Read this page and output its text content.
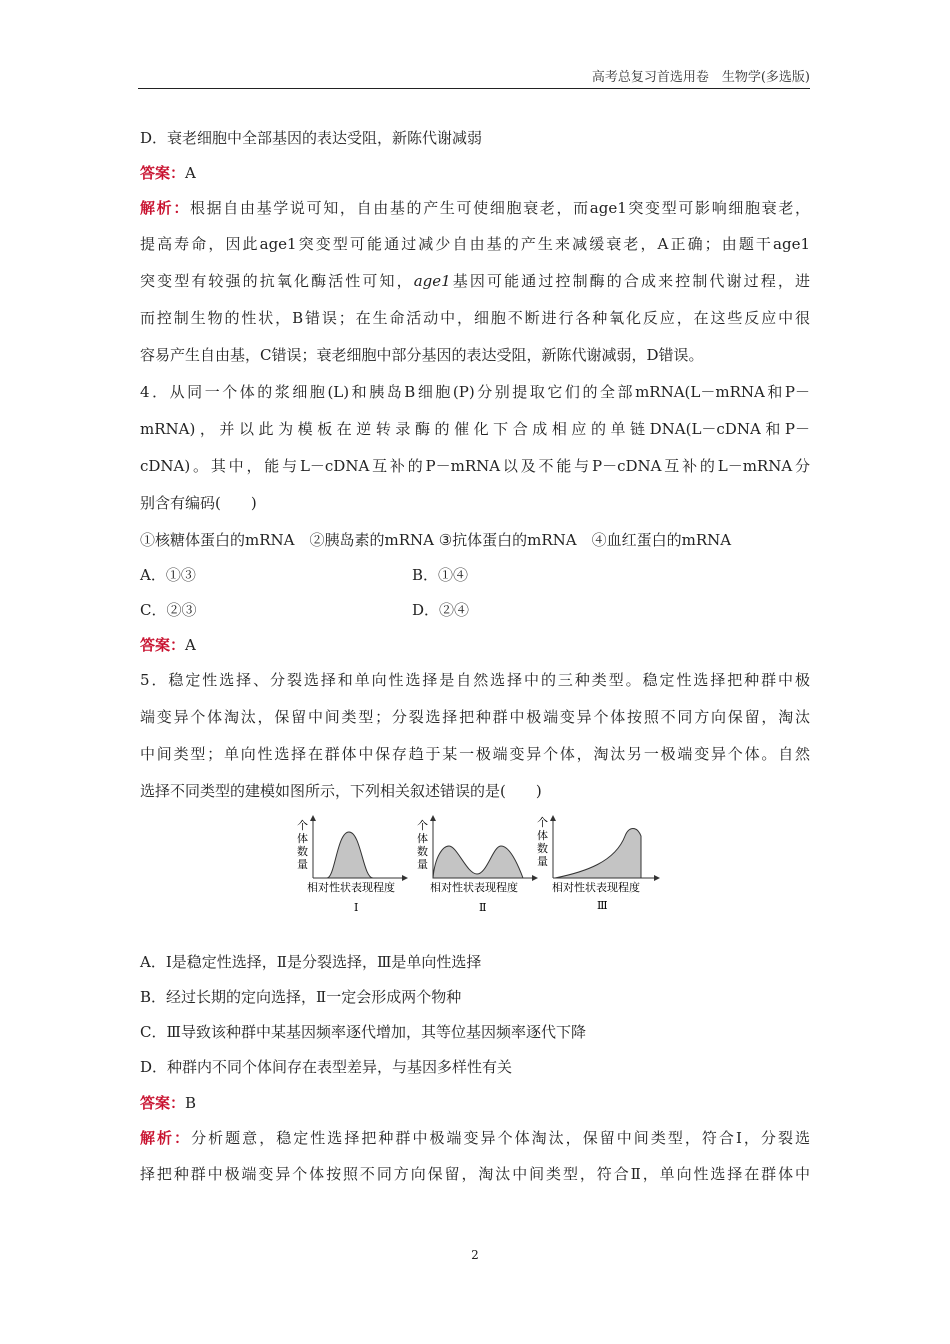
高考总复习首选用卷　生物学(多选版)
D．衰老细胞中全部基因的表达受阻，新陈代谢减弱
答案：A
解析：根据自由基学说可知，自由基的产生可使细胞衰老，而age1突变型可影响细胞衰老，
提高寿命，因此age1突变型可能通过减少自由基的产生来减缓衰老，A正确；由题干age1
突变型有较强的抗氧化酶活性可知，age1基因可能通过控制酶的合成来控制代谢过程，进
而控制生物的性状，B错误；在生命活动中，细胞不断进行各种氧化反应，在这些反应中很
容易产生自由基，C错误；衰老细胞中部分基因的表达受阻，新陈代谢减弱，D错误。
4．从同一个体的浆细胞(L)和胰岛B细胞(P)分别提取它们的全部mRNA(L－mRNA和P－
mRNA)，并以此为模板在逆转录酶的催化下合成相应的单链DNA(L－cDNA和P－
cDNA)。其中，能与L－cDNA互补的P－mRNA以及不能与P－cDNA互补的L－mRNA分
别含有编码(　　)
①核糖体蛋白的mRNA　②胰岛素的mRNA ③抗体蛋白的mRNA　④血红蛋白的mRNA
A．①③	B．①④
C．②③	D．②④
答案：A
5．稳定性选择、分裂选择和单向性选择是自然选择中的三种类型。稳定性选择把种群中极
端变异个体淘汰，保留中间类型；分裂选择把种群中极端变异个体按照不同方向保留，淘汰
中间类型；单向性选择在群体中保存趋于某一极端变异个体，淘汰另一极端变异个体。自然
选择不同类型的建模如图所示，下列相关叙述错误的是(　　)
个
体
数
量
相对性状表现程度
Ⅰ
个
体
数
量
相对性状表现程度
Ⅱ
个
体
数
量
相对性状表现程度
Ⅲ
A．Ⅰ是稳定性选择，Ⅱ是分裂选择，Ⅲ是单向性选择
B．经过长期的定向选择，Ⅱ一定会形成两个物种
C．Ⅲ导致该种群中某基因频率逐代增加，其等位基因频率逐代下降
D．种群内不同个体间存在表型差异，与基因多样性有关
答案：B
解析：分析题意，稳定性选择把种群中极端变异个体淘汰，保留中间类型，符合Ⅰ，分裂选
择把种群中极端变异个体按照不同方向保留，淘汰中间类型，符合Ⅱ，单向性选择在群体中
2
